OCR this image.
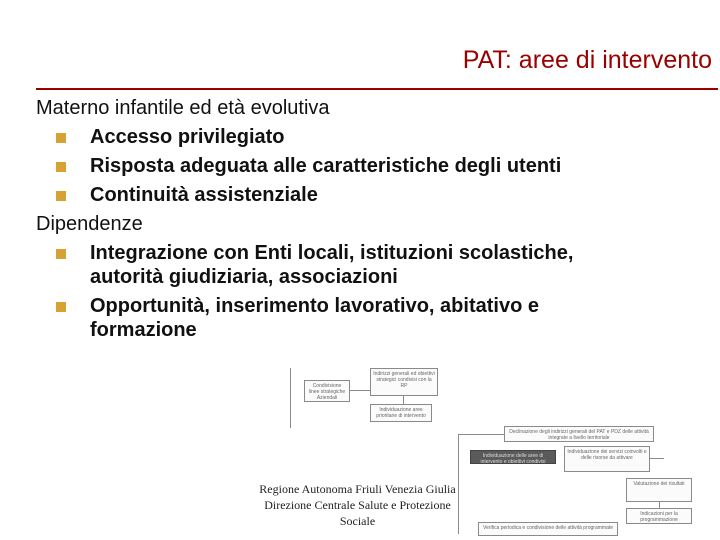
PAT: aree di intervento
Materno infantile ed età evolutiva
Accesso privilegiato
Risposta adeguata alle caratteristiche degli utenti
Continuità assistenziale
Dipendenze
Integrazione con Enti locali, istituzioni scolastiche,
autorità giudiziaria, associazioni
Opportunità, inserimento lavorativo, abitativo e
formazione
Condivisione linee strategiche Aziendali
Indirizzi generali ed obiettivi strategici condivisi con la RP
Individuazione aree prioritarie di intervento
Declinazione degli indirizzi generali del PAT e PDZ delle attività integrate a livello territoriale
Individuazione delle aree di intervento e obiettivi condivisi
Individuazione dei servizi coinvolti e delle risorse da attivare
Valutazione dei risultati
Indicazioni per la programmazione
Verifica periodica e condivisione delle attività programmate
Regione Autonoma Friuli Venezia Giulia
Direzione Centrale Salute e Protezione
Sociale
